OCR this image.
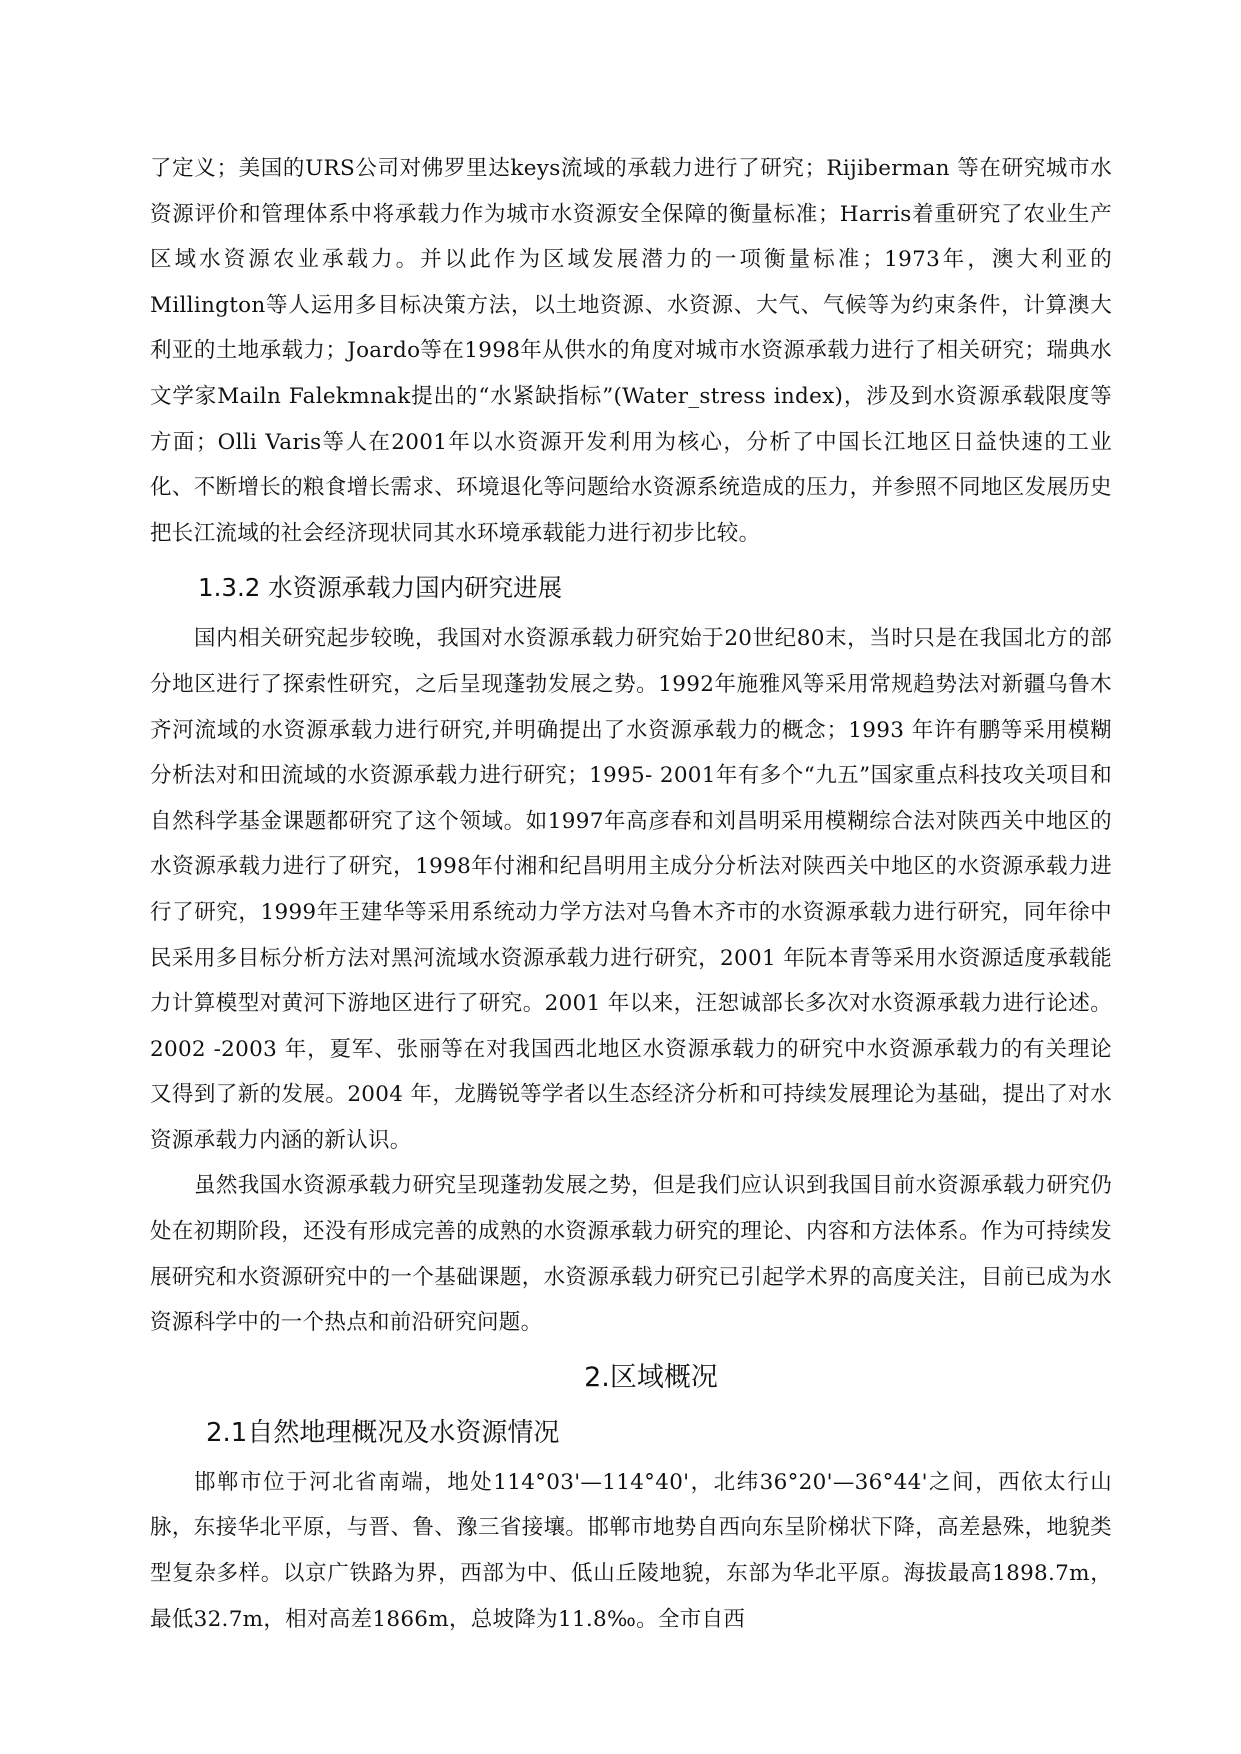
了定义；美国的URS公司对佛罗里达keys流域的承载力进行了研究；Rijiberman 等在研究城市水资源评价和管理体系中将承载力作为城市水资源安全保障的衡量标准；Harris着重研究了农业生产区域水资源农业承载力。并以此作为区域发展潜力的一项衡量标准；1973年，澳大利亚的Millington等人运用多目标决策方法，以土地资源、水资源、大气、气候等为约束条件，计算澳大利亚的土地承载力；Joardo等在1998年从供水的角度对城市水资源承载力进行了相关研究；瑞典水文学家Mailn Falekmnak提出的“水紧缺指标”(Water_stress index)，涉及到水资源承载限度等方面；Olli Varis等人在2001年以水资源开发利用为核心，分析了中国长江地区日益快速的工业化、不断增长的粮食增长需求、环境退化等问题给水资源系统造成的压力，并参照不同地区发展历史把长江流域的社会经济现状同其水环境承载能力进行初步比较。

1.3.2 水资源承载力国内研究进展

国内相关研究起步较晚，我国对水资源承载力研究始于20世纪80末，当时只是在我国北方的部分地区进行了探索性研究，之后呈现蓬勃发展之势。1992年施雅风等采用常规趋势法对新疆乌鲁木齐河流域的水资源承载力进行研究,并明确提出了水资源承载力的概念；1993 年许有鹏等采用模糊分析法对和田流域的水资源承载力进行研究；1995- 2001年有多个“九五”国家重点科技攻关项目和自然科学基金课题都研究了这个领域。如1997年高彦春和刘昌明采用模糊综合法对陕西关中地区的水资源承载力进行了研究，1998年付湘和纪昌明用主成分分析法对陕西关中地区的水资源承载力进行了研究，1999年王建华等采用系统动力学方法对乌鲁木齐市的水资源承载力进行研究，同年徐中民采用多目标分析方法对黑河流域水资源承载力进行研究，2001 年阮本青等采用水资源适度承载能力计算模型对黄河下游地区进行了研究。2001 年以来，汪恕诚部长多次对水资源承载力进行论述。2002 -2003 年，夏军、张丽等在对我国西北地区水资源承载力的研究中水资源承载力的有关理论又得到了新的发展。2004 年，龙腾锐等学者以生态经济分析和可持续发展理论为基础，提出了对水资源承载力内涵的新认识。

虽然我国水资源承载力研究呈现蓬勃发展之势，但是我们应认识到我国目前水资源承载力研究仍处在初期阶段，还没有形成完善的成熟的水资源承载力研究的理论、内容和方法体系。作为可持续发展研究和水资源研究中的一个基础课题，水资源承载力研究已引起学术界的高度关注，目前已成为水资源科学中的一个热点和前沿研究问题。

2.区域概况
2.1自然地理概况及水资源情况

邯郸市位于河北省南端，地处114°03'—114°40'，北纬36°20'—36°44'之间，西依太行山脉，东接华北平原，与晋、鲁、豫三省接壤。邯郸市地势自西向东呈阶梯状下降，高差悬殊，地貌类型复杂多样。以京广铁路为界，西部为中、低山丘陵地貌，东部为华北平原。海拔最高1898.7m，最低32.7m，相对高差1866m，总坡降为11.8‰。全市自西
